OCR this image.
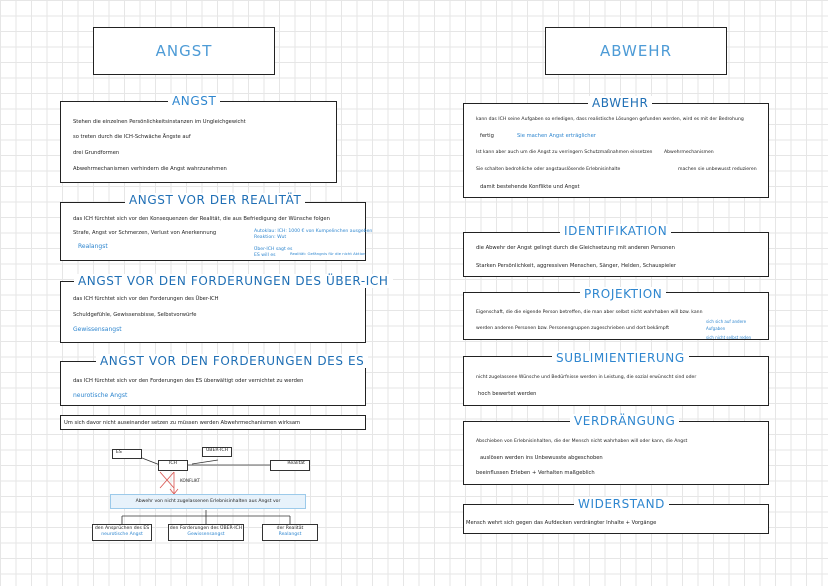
ANGST
ANGST
Stehen die einzelnen Persönlichkeitsinstanzen im Ungleichgewicht
so treten durch die ICH-Schwäche Ängste auf
drei Grundformen
Abwehrmechanismen verhindern die Angst wahrzunehmen
ANGST VOR DER REALITÄT
das ICH fürchtet sich vor den Konsequenzen der Realität, die aus Befriedigung der Wünsche folgen
Strafe, Angst vor Schmerzen, Verlust von Anerkennung
Realangst
Autoklau: ICH: 1000 € von Kumpelinchen ausgeben
Reaktion: Wut
Über-ICH sagt es
ES will es	Realität: Gefängnis für die nicht Aktion
ANGST VOR DEN FORDERUNGEN DES ÜBER-ICH
das ICH fürchtet sich vor den Forderungen des Über-ICH
Schuldgefühle, Gewissensbisse, Selbstvorwürfe
Gewissensangst
ANGST VOR DEN FORDERUNGEN DES ES
das ICH fürchtet sich vor den Forderungen des ES überwältigt oder vernichtet zu werden
neurotische Angst
Um sich davor nicht auseinander setzen zu müssen werden Abwehrmechanismen wirksam
ES	ÜBER-ICH
ICH	Realität
KONFLIKT
Abwehr von nicht zugelassenen Erlebnisinhalten aus Angst vor
den Ansprüchen des ES
neurotische Angst
den Forderungen des ÜBER-ICH
Gewissensangst
der Realität
Realangst
ABWEHR
ABWEHR
kann das ICH seine Aufgaben so erledigen, dass realistische Lösungen gefunden werden, wird es mit der Bedrohung
fertig	Sie machen Angst erträglicher
Ist kann aber auch um die Angst zu verringern Schutzmaßnahmen einsetzen	Abwehrmechanismen
Sie schalten bedrohliche oder angstauslösende Erlebnisinhalte	machen sie unbewusst reduzieren
damit bestehende Konflikte und Angst
IDENTIFIKATION
die Abwehr der Angst gelingt durch die Gleichsetzung mit anderen Personen
Starken Persönlichkeit, aggressiven Menschen, Sänger, Helden, Schauspieler
PROJEKTION
Eigenschaft, die die eigende Person betreffen, die man aber selbst nicht wahrhaben will bzw. kann
werden anderen Personen bzw. Personengruppen zugeschrieben und dort bekämpft
sich sich auf andere
Aufgaben
sich nicht selbst reden
SUBLIMIENTIERUNG
nicht zugelassene Wünsche und Bedürfnisse werden in Leistung, die sozial erwünscht sind oder
hoch bewertet werden
VERDRÄNGUNG
Abschieben von Erlebnisinhalten, die der Mensch nicht wahrhaben will oder kann, die Angst
auslösen werden ins Unbewusste abgeschoben
beeinflussen Erleben + Verhalten maßgeblich
WIDERSTAND
Mensch wehrt sich gegen das Aufdecken verdrängter Inhalte + Vorgänge
